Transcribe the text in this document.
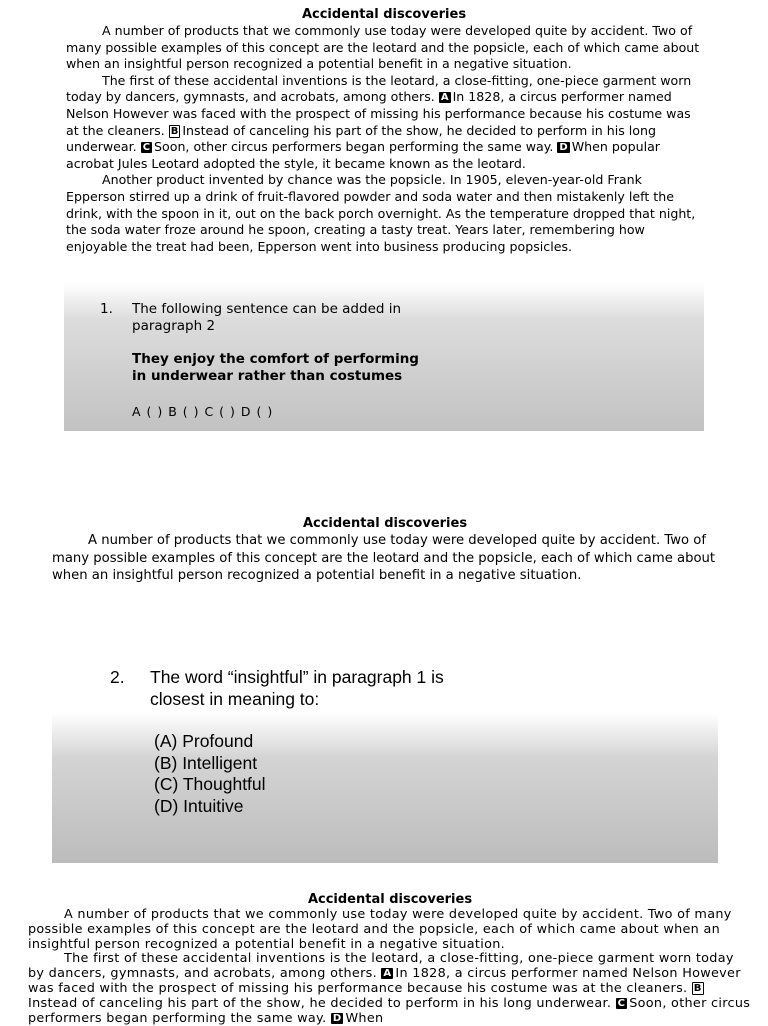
Accidental discoveries

A number of products that we commonly use today were developed quite by accident. Two of many possible examples of this concept are the leotard and the popsicle, each of which came about when an insightful person recognized a potential benefit in a negative situation.

The first of these accidental inventions is the leotard, a close-fitting, one-piece garment worn today by dancers, gymnasts, and acrobats, among others. A In 1828, a circus performer named Nelson However was faced with the prospect of missing his performance because his costume was at the cleaners. B Instead of canceling his part of the show, he decided to perform in his long underwear. C Soon, other circus performers began performing the same way. D When popular acrobat Jules Leotard adopted the style, it became known as the leotard.

Another product invented by chance was the popsicle. In 1905, eleven-year-old Frank Epperson stirred up a drink of fruit-flavored powder and soda water and then mistakenly left the drink, with the spoon in it, out on the back porch overnight. As the temperature dropped that night, the soda water froze around he spoon, creating a tasty treat. Years later, remembering how enjoyable the treat had been, Epperson went into business producing popsicles.

1. The following sentence can be added in
paragraph 2
They enjoy the comfort of performing
in underwear rather than costumes
A ( ) B ( ) C ( ) D ( )
Accidental discoveries

A number of products that we commonly use today were developed quite by accident. Two of many possible examples of this concept are the leotard and the popsicle, each of which came about when an insightful person recognized a potential benefit in a negative situation.

2. The word “insightful” in paragraph 1 is
closest in meaning to:
(A) Profound
(B) Intelligent
(C) Thoughtful
(D) Intuitive
Accidental discoveries

A number of products that we commonly use today were developed quite by accident. Two of many possible examples of this concept are the leotard and the popsicle, each of which came about when an insightful person recognized a potential benefit in a negative situation.

The first of these accidental inventions is the leotard, a close-fitting, one-piece garment worn today by dancers, gymnasts, and acrobats, among others. A In 1828, a circus performer named Nelson However was faced with the prospect of missing his performance because his costume was at the cleaners. BInstead of canceling his part of the show, he decided to perform in his long underwear. C Soon, other circus performers began performing the same way. D When
